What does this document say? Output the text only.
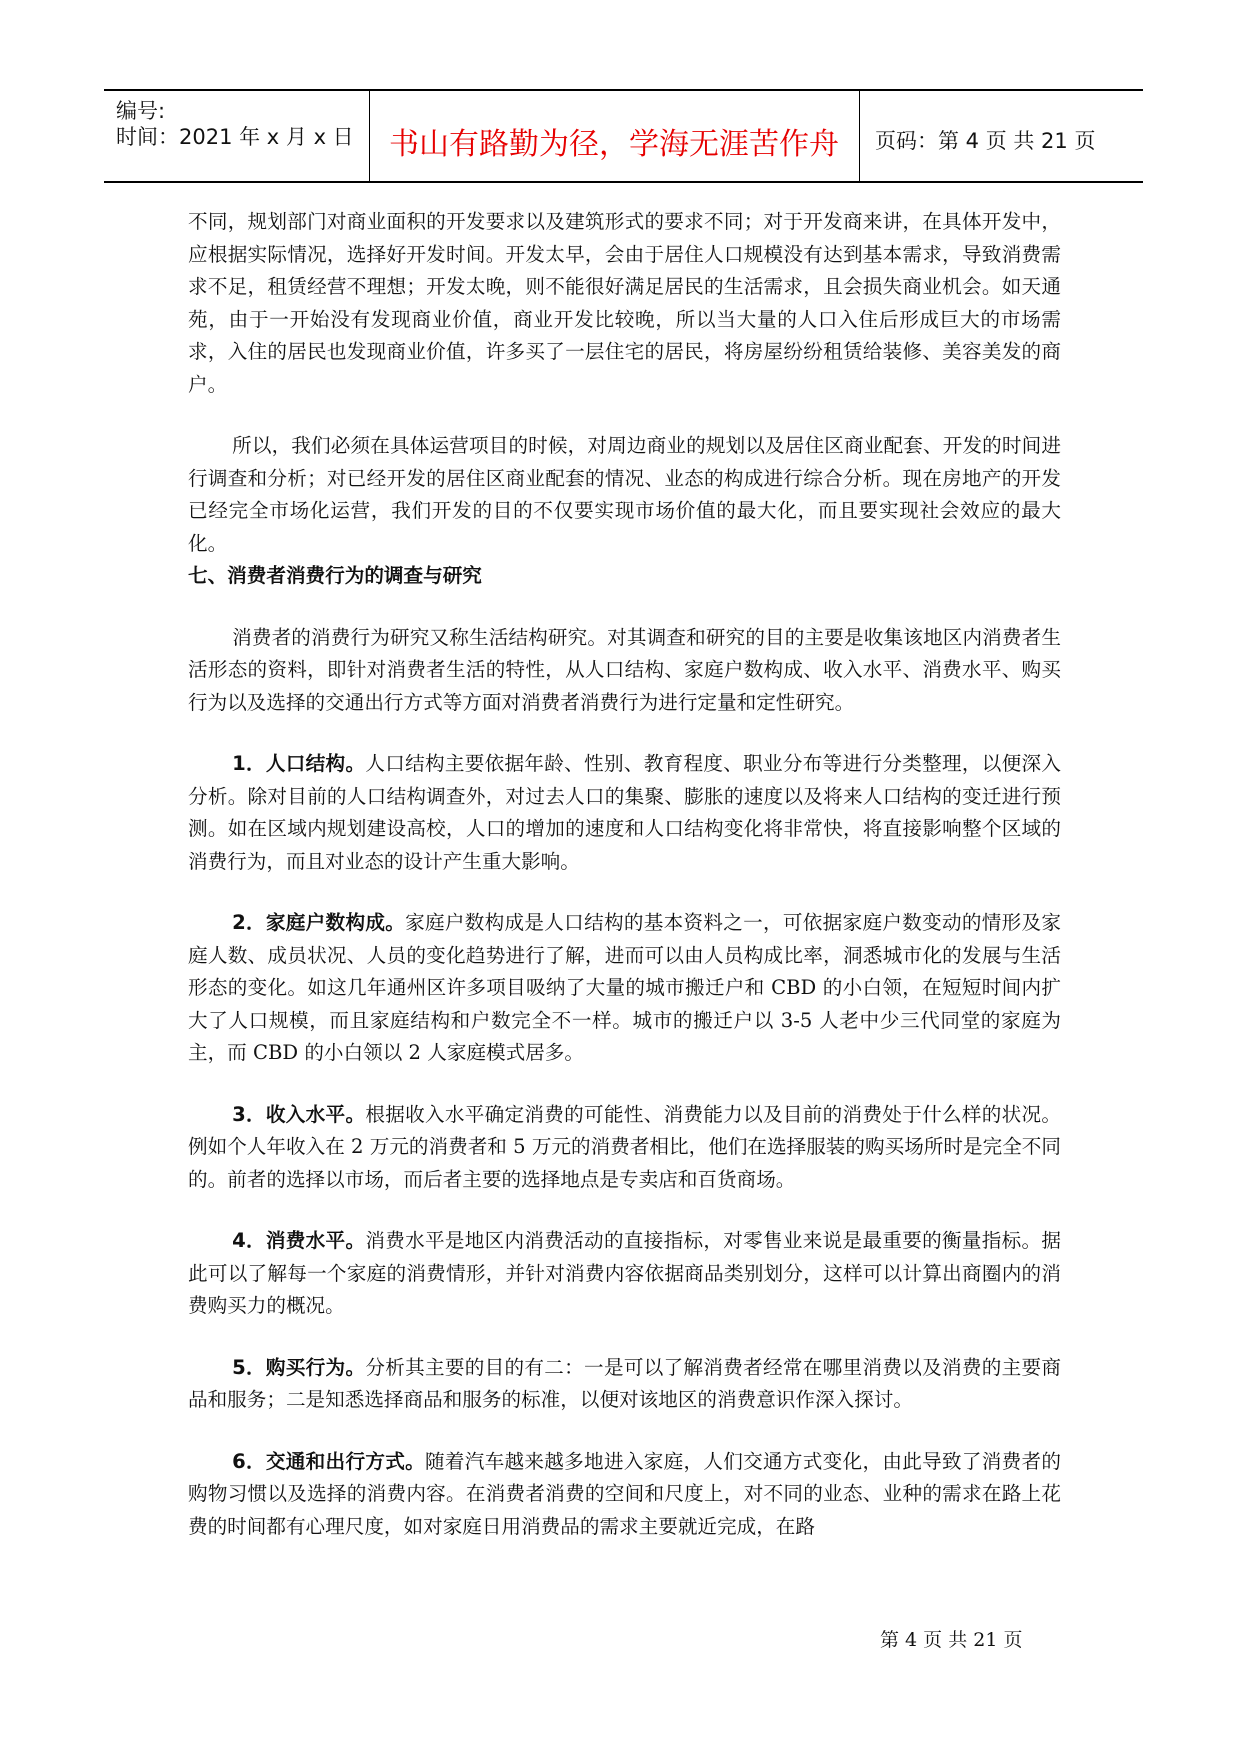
编号:
时间：2021 年 x 月 x 日	书山有路勤为径，学海无涯苦作舟	页码：第 4 页 共 21 页

不同，规划部门对商业面积的开发要求以及建筑形式的要求不同；对于开发商来讲，在具体开发中，应根据实际情况，选择好开发时间。开发太早，会由于居住人口规模没有达到基本需求，导致消费需求不足，租赁经营不理想；开发太晚，则不能很好满足居民的生活需求，且会损失商业机会。如天通苑，由于一开始没有发现商业价值，商业开发比较晚，所以当大量的人口入住后形成巨大的市场需求，入住的居民也发现商业价值，许多买了一层住宅的居民，将房屋纷纷租赁给装修、美容美发的商户。

所以，我们必须在具体运营项目的时候，对周边商业的规划以及居住区商业配套、开发的时间进行调查和分析；对已经开发的居住区商业配套的情况、业态的构成进行综合分析。现在房地产的开发已经完全市场化运营，我们开发的目的不仅要实现市场价值的最大化，而且要实现社会效应的最大化。

七、消费者消费行为的调查与研究

消费者的消费行为研究又称生活结构研究。对其调查和研究的目的主要是收集该地区内消费者生活形态的资料，即针对消费者生活的特性，从人口结构、家庭户数构成、收入水平、消费水平、购买行为以及选择的交通出行方式等方面对消费者消费行为进行定量和定性研究。

1．人口结构。人口结构主要依据年龄、性别、教育程度、职业分布等进行分类整理，以便深入分析。除对目前的人口结构调查外，对过去人口的集聚、膨胀的速度以及将来人口结构的变迁进行预测。如在区域内规划建设高校，人口的增加的速度和人口结构变化将非常快，将直接影响整个区域的消费行为，而且对业态的设计产生重大影响。

2．家庭户数构成。家庭户数构成是人口结构的基本资料之一，可依据家庭户数变动的情形及家庭人数、成员状况、人员的变化趋势进行了解，进而可以由人员构成比率，洞悉城市化的发展与生活形态的变化。如这几年通州区许多项目吸纳了大量的城市搬迁户和 CBD 的小白领，在短短时间内扩大了人口规模，而且家庭结构和户数完全不一样。城市的搬迁户以 3-5 人老中少三代同堂的家庭为主，而 CBD 的小白领以 2 人家庭模式居多。

3．收入水平。根据收入水平确定消费的可能性、消费能力以及目前的消费处于什么样的状况。例如个人年收入在 2 万元的消费者和 5 万元的消费者相比，他们在选择服装的购买场所时是完全不同的。前者的选择以市场，而后者主要的选择地点是专卖店和百货商场。

4．消费水平。消费水平是地区内消费活动的直接指标，对零售业来说是最重要的衡量指标。据此可以了解每一个家庭的消费情形，并针对消费内容依据商品类别划分，这样可以计算出商圈内的消费购买力的概况。

5．购买行为。分析其主要的目的有二：一是可以了解消费者经常在哪里消费以及消费的主要商品和服务；二是知悉选择商品和服务的标准，以便对该地区的消费意识作深入探讨。

6．交通和出行方式。随着汽车越来越多地进入家庭，人们交通方式变化，由此导致了消费者的购物习惯以及选择的消费内容。在消费者消费的空间和尺度上，对不同的业态、业种的需求在路上花费的时间都有心理尺度，如对家庭日用消费品的需求主要就近完成，在路

第 4 页 共 21 页
